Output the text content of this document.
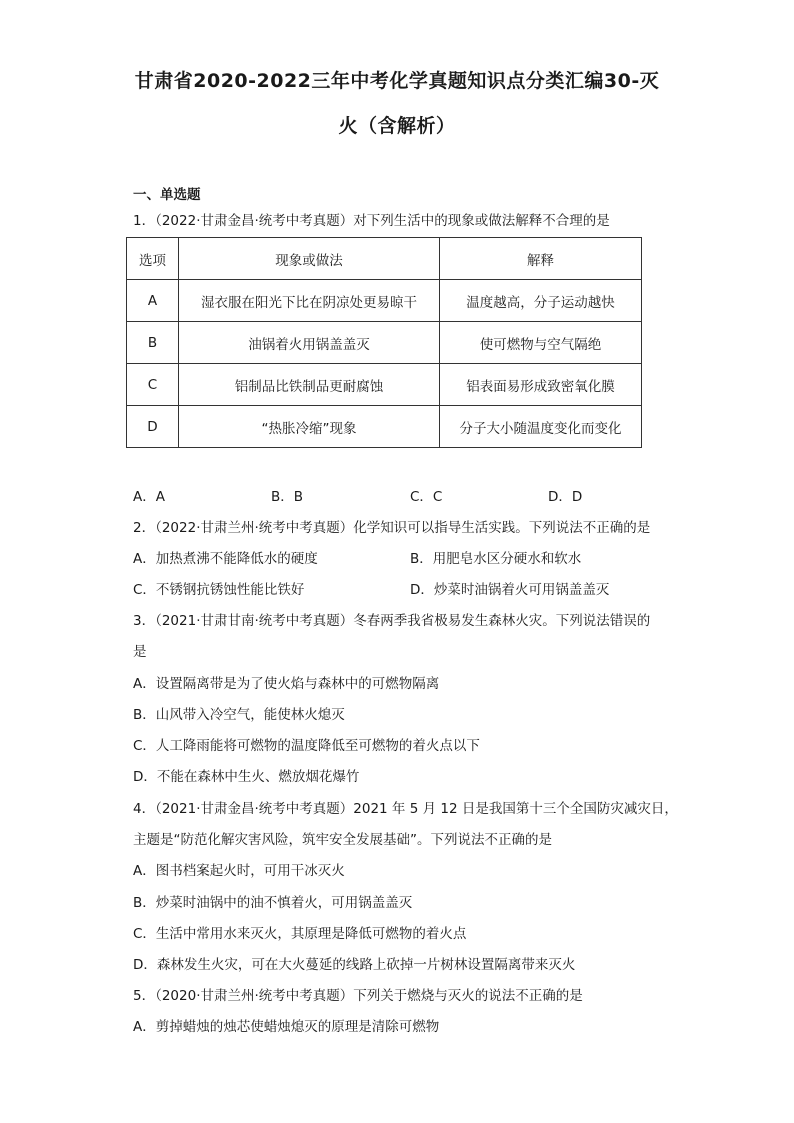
甘肃省2020-2022三年中考化学真题知识点分类汇编30-灭
火（含解析）
一、单选题
1．（2022·甘肃金昌·统考中考真题）对下列生活中的现象或做法解释不合理的是
选项	现象或做法	解释
A	湿衣服在阳光下比在阴凉处更易晾干	温度越高，分子运动越快
B	油锅着火用锅盖盖灭	使可燃物与空气隔绝
C	铝制品比铁制品更耐腐蚀	铝表面易形成致密氧化膜
D	“热胀冷缩”现象	分子大小随温度变化而变化
A．A	B．B	C．C	D．D
2．（2022·甘肃兰州·统考中考真题）化学知识可以指导生活实践。下列说法不正确的是
A．加热煮沸不能降低水的硬度	B．用肥皂水区分硬水和软水
C．不锈钢抗锈蚀性能比铁好	D．炒菜时油锅着火可用锅盖盖灭
3．（2021·甘肃甘南·统考中考真题）冬春两季我省极易发生森林火灾。下列说法错误的
是
A．设置隔离带是为了使火焰与森林中的可燃物隔离
B．山风带入冷空气，能使林火熄灭
C．人工降雨能将可燃物的温度降低至可燃物的着火点以下
D．不能在森林中生火、燃放烟花爆竹
4．（2021·甘肃金昌·统考中考真题）2021 年 5 月 12 日是我国第十三个全国防灾减灾日，
主题是“防范化解灾害风险，筑牢安全发展基础”。下列说法不正确的是
A．图书档案起火时，可用干冰灭火
B．炒菜时油锅中的油不慎着火，可用锅盖盖灭
C．生活中常用水来灭火，其原理是降低可燃物的着火点
D．森林发生火灾，可在大火蔓延的线路上砍掉一片树林设置隔离带来灭火
5．（2020·甘肃兰州·统考中考真题）下列关于燃烧与灭火的说法不正确的是
A．剪掉蜡烛的烛芯使蜡烛熄灭的原理是清除可燃物
